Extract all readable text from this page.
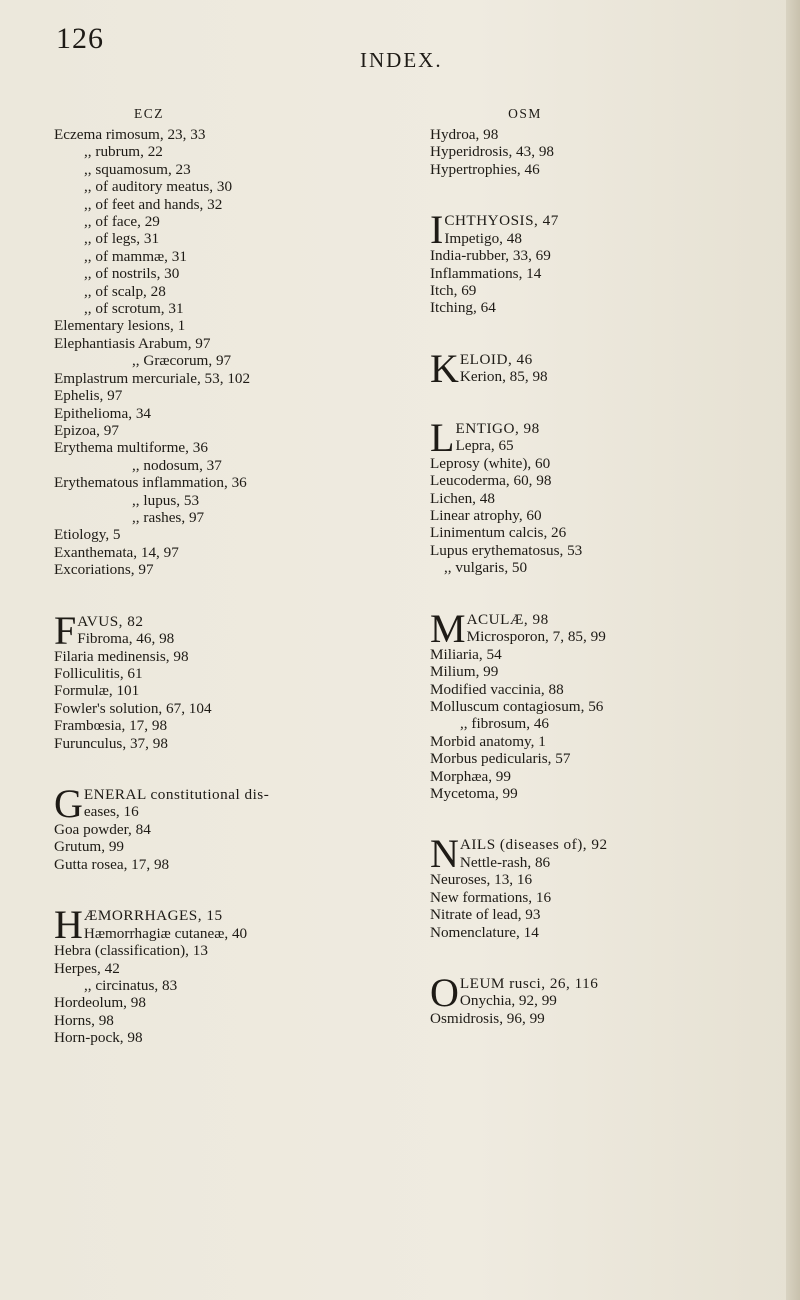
126
INDEX.
ECZ
Eczema rimosum, 23, 33
,, rubrum, 22
,, squamosum, 23
,, of auditory meatus, 30
,, of feet and hands, 32
,, of face, 29
,, of legs, 31
,, of mammæ, 31
,, of nostrils, 30
,, of scalp, 28
,, of scrotum, 31
Elementary lesions, 1
Elephantiasis Arabum, 97
,, Græcorum, 97
Emplastrum mercuriale, 53, 102
Ephelis, 97
Epithelioma, 34
Epizoa, 97
Erythema multiforme, 36
,, nodosum, 37
Erythematous inflammation, 36
,, lupus, 53
,, rashes, 97
Etiology, 5
Exanthemata, 14, 97
Excoriations, 97
F AVUS, 82
Fibroma, 46, 98
Filaria medinensis, 98
Folliculitis, 61
Formulæ, 101
Fowler's solution, 67, 104
Frambœsia, 17, 98
Furunculus, 37, 98
G ENERAL constitutional dis-
eases, 16
Goa powder, 84
Grutum, 99
Gutta rosea, 17, 98
H ÆMORRHAGES, 15
Hæmorrhagiæ cutaneæ, 40
Hebra (classification), 13
Herpes, 42
,, circinatus, 83
Hordeolum, 98
Horns, 98
Horn-pock, 98
OSM
Hydroa, 98
Hyperidrosis, 43, 98
Hypertrophies, 46
I CHTHYOSIS, 47
Impetigo, 48
India-rubber, 33, 69
Inflammations, 14
Itch, 69
Itching, 64
K ELOID, 46
Kerion, 85, 98
L ENTIGO, 98
Lepra, 65
Leprosy (white), 60
Leucoderma, 60, 98
Lichen, 48
Linear atrophy, 60
Linimentum calcis, 26
Lupus erythematosus, 53
,, vulgaris, 50
M ACULÆ, 98
Microsporon, 7, 85, 99
Miliaria, 54
Milium, 99
Modified vaccinia, 88
Molluscum contagiosum, 56
,, fibrosum, 46
Morbid anatomy, 1
Morbus pedicularis, 57
Morphæa, 99
Mycetoma, 99
N AILS (diseases of), 92
Nettle-rash, 86
Neuroses, 13, 16
New formations, 16
Nitrate of lead, 93
Nomenclature, 14
O LEUM rusci, 26, 116
Onychia, 92, 99
Osmidrosis, 96, 99
